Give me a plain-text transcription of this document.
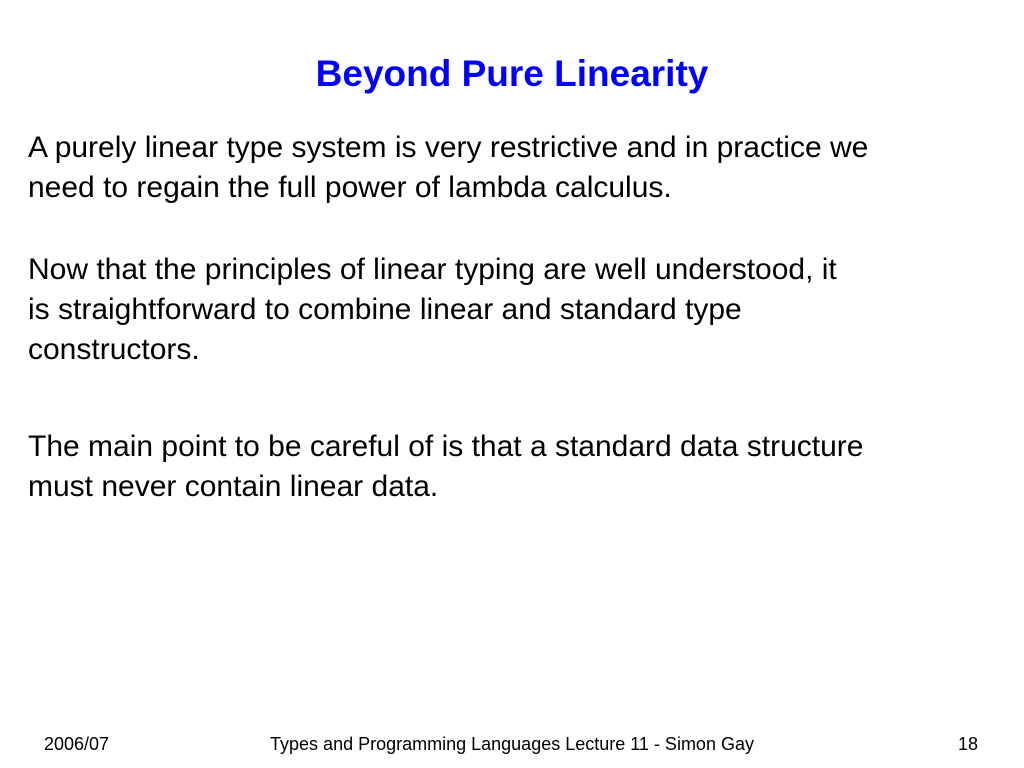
Beyond Pure Linearity
A purely linear type system is very restrictive and in practice we
need to regain the full power of lambda calculus.
Now that the principles of linear typing are well understood, it
is straightforward to combine linear and standard type
constructors.
The main point to be careful of is that a standard data structure
must never contain linear data.
2006/07	Types and Programming Languages Lecture 11 - Simon Gay	18
